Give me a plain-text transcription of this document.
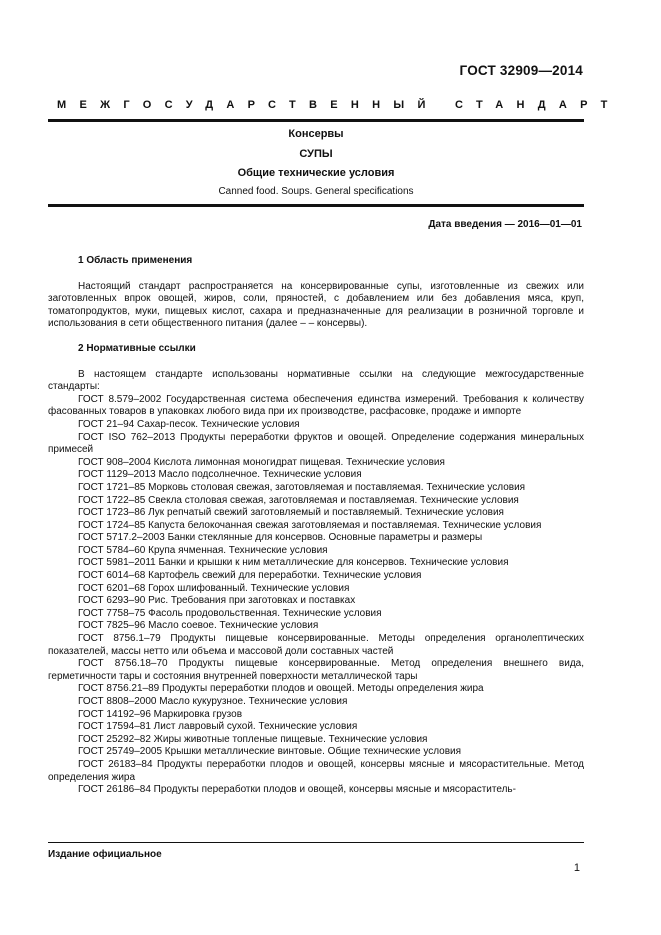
ГОСТ 32909—2014
МЕЖГОСУДАРСТВЕННЫЙ СТАНДАРТ
Консервы
СУПЫ
Общие технические условия
Canned food. Soups. General specifications
Дата введения — 2016—01—01
1 Область применения

Настоящий стандарт распространяется на консервированные супы, изготовленные из свежих или заготовленных впрок овощей, жиров, соли, пряностей, с добавлением или без добавления мяса, круп, томатопродуктов, муки, пищевых кислот, сахара и предназначенные для реализации в розничной торговле и использования в сети общественного питания (далее – – консервы).

2 Нормативные ссылки

В настоящем стандарте использованы нормативные ссылки на следующие межгосударственные стандарты:

ГОСТ 8.579–2002 Государственная система обеспечения единства измерений. Требования к количеству фасованных товаров в упаковках любого вида при их производстве, расфасовке, продаже и импорте

ГОСТ 21–94 Сахар-песок. Технические условия

ГОСТ ISO 762–2013 Продукты переработки фруктов и овощей. Определение содержания минеральных примесей

ГОСТ 908–2004 Кислота лимонная моногидрат пищевая. Технические условия

ГОСТ 1129–2013 Масло подсолнечное. Технические условия

ГОСТ 1721–85 Морковь столовая свежая, заготовляемая и поставляемая. Технические условия

ГОСТ 1722–85 Свекла столовая свежая, заготовляемая и поставляемая. Технические условия

ГОСТ 1723–86 Лук репчатый свежий заготовляемый и поставляемый. Технические условия

ГОСТ 1724–85 Капуста белокочанная свежая заготовляемая и поставляемая. Технические условия

ГОСТ 5717.2–2003 Банки стеклянные для консервов. Основные параметры и размеры

ГОСТ 5784–60 Крупа ячменная. Технические условия

ГОСТ 5981–2011 Банки и крышки к ним металлические для консервов. Технические условия

ГОСТ 6014–68 Картофель свежий для переработки. Технические условия

ГОСТ 6201–68 Горох шлифованный. Технические условия

ГОСТ 6293–90 Рис. Требования при заготовках и поставках

ГОСТ 7758–75 Фасоль продовольственная. Технические условия

ГОСТ 7825–96 Масло соевое. Технические условия

ГОСТ 8756.1–79 Продукты пищевые консервированные. Методы определения органолептических показателей, массы нетто или объема и массовой доли составных частей

ГОСТ 8756.18–70 Продукты пищевые консервированные. Метод определения внешнего вида, герметичности тары и состояния внутренней поверхности металлической тары

ГОСТ 8756.21–89 Продукты переработки плодов и овощей. Методы определения жира

ГОСТ 8808–2000 Масло кукурузное. Технические условия

ГОСТ 14192–96 Маркировка грузов

ГОСТ 17594–81 Лист лавровый сухой. Технические условия

ГОСТ 25292–82 Жиры животные топленые пищевые. Технические условия

ГОСТ 25749–2005 Крышки металлические винтовые. Общие технические условия

ГОСТ 26183–84 Продукты переработки плодов и овощей, консервы мясные и мясорастительные. Метод определения жира

ГОСТ 26186–84 Продукты переработки плодов и овощей, консервы мясные и мясораститель-

Издание официальное
1
